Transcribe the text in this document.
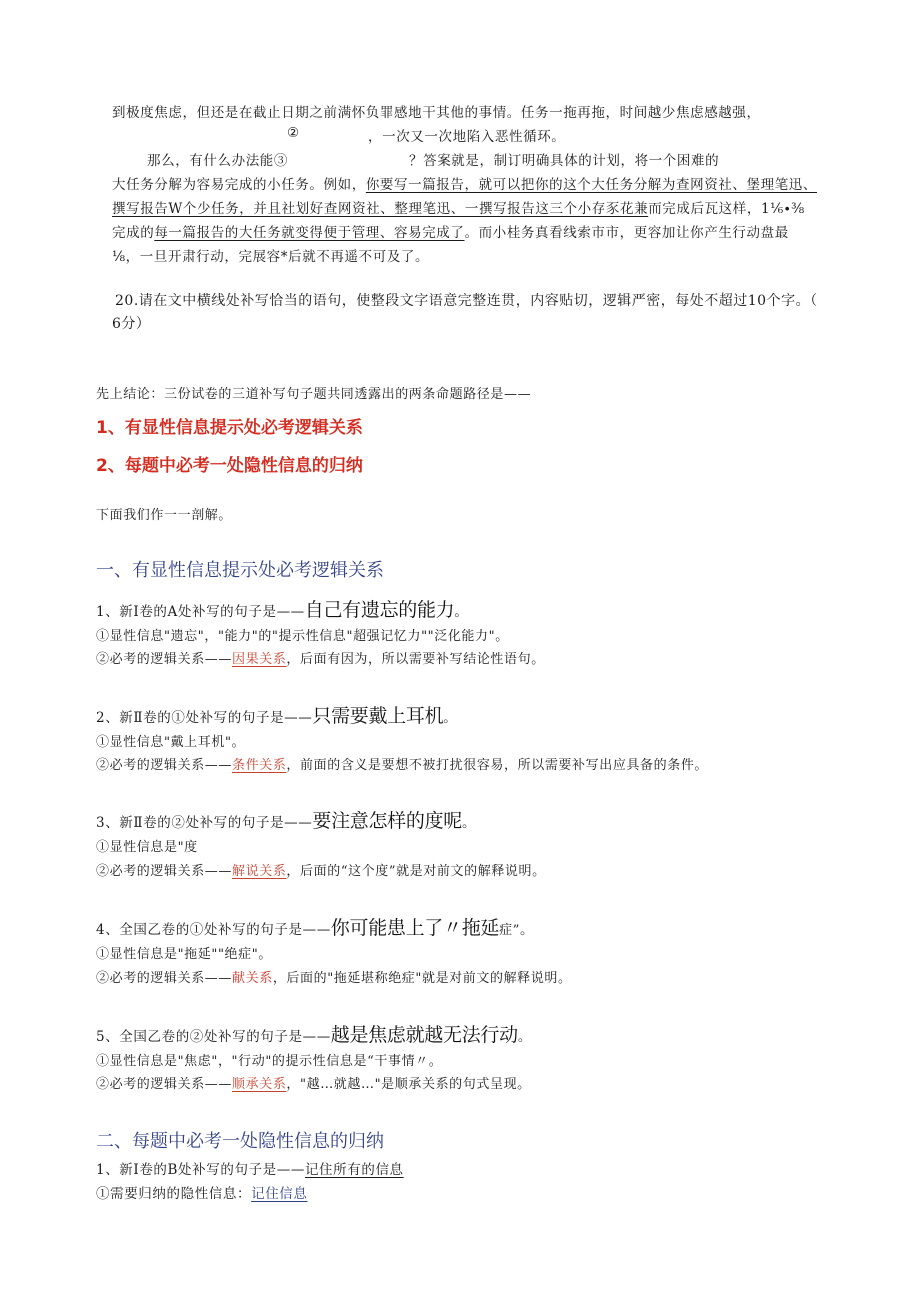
到极度焦虑，但还是在截止日期之前满怀负罪感地干其他的事情。任务一拖再拖，时间越少焦虑感越强，
②	，一次又一次地陷入恶性循环。
那么，有什么办法能③	？答案就是，制订明确具体的计划，将一个困难的
大任务分解为容易完成的小任务。例如，你要写一篇报告，就可以把你的这个大任务分解为查网资社、堡理笔迅、
撰写报告W个少任务，并且社划好查网资社、整理笔迅、一撰写报告这三个小存豕花兼而完成后瓦这样，1⅙∙⅜
完成的每一篇报告的大任务就变得便于管理、容易完成了。而小桂务真看线索市市，更容加让你产生行动盘最
⅛，一旦开肃行动，完展容*后就不再遥不可及了。
20.请在文中横线处补写恰当的语句，使整段文字语意完整连贯，内容贴切，逻辑严密，每处不超过10个字。（
6分）
先上结论：三份试卷的三道补写句子题共同透露出的两条命题路径是——
1、有显性信息提示处必考逻辑关系
2、每题中必考一处隐性信息的归纳
下面我们作一一剖解。
一、有显性信息提示处必考逻辑关系
1、新Ⅰ卷的A处补写的句子是——自己有遗忘的能力。
①显性信息"遗忘"，"能力"的"提示性信息"超强记忆力""泛化能力"。
②必考的逻辑关系——因果关系，后面有因为，所以需要补写结论性语句。
2、新Ⅱ卷的①处补写的句子是——只需要戴上耳机。
①显性信息"戴上耳机"。
②必考的逻辑关系——条件关系，前面的含义是要想不被打扰很容易，所以需要补写出应具备的条件。
3、新Ⅱ卷的②处补写的句子是——要注意怎样的度呢。
①显性信息是"度
②必考的逻辑关系——解说关系，后面的“这个度”就是对前文的解释说明。
4、全国乙卷的①处补写的句子是——你可能患上了〃拖延症”。
①显性信息是"拖延""绝症"。
②必考的逻辑关系——献关系，后面的"拖延堪称绝症"就是对前文的解释说明。
5、全国乙卷的②处补写的句子是——越是焦虑就越无法行动。
①显性信息是"焦虑"，"行动"的提示性信息是“干事情〃。
②必考的逻辑关系——顺承关系，"越…就越…"是顺承关系的句式呈现。
二、每题中必考一处隐性信息的归纳
1、新Ⅰ卷的B处补写的句子是——记住所有的信息
①需要归纳的隐性信息：记住信息
